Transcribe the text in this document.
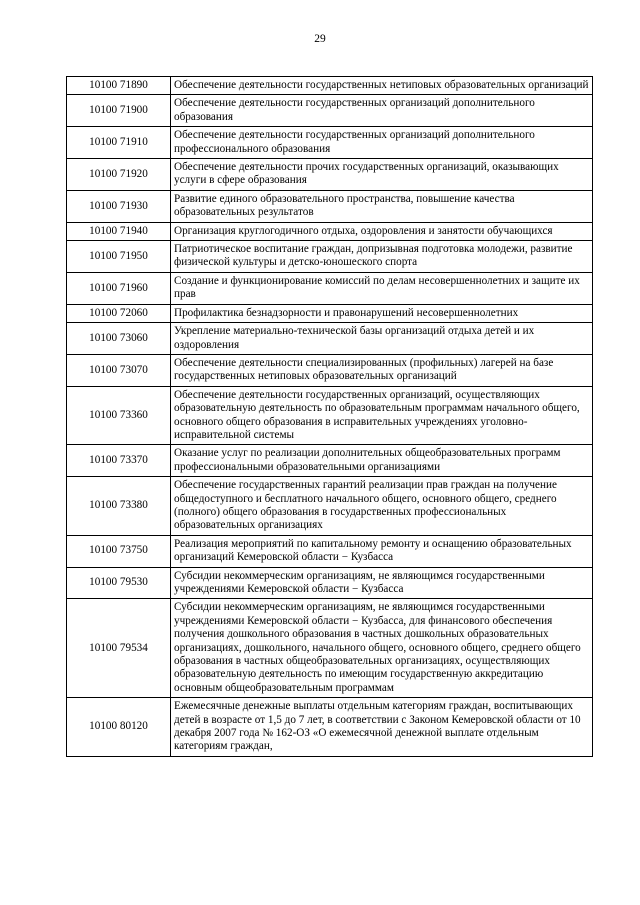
29
10100 71890	Обеспечение деятельности государственных нетиповых образовательных организаций
10100 71900	Обеспечение деятельности государственных организаций дополнительного образования
10100 71910	Обеспечение деятельности государственных организаций дополнительного профессионального образования
10100 71920	Обеспечение деятельности прочих государственных организаций, оказывающих услуги в сфере образования
10100 71930	Развитие единого образовательного пространства, повышение качества образовательных результатов
10100 71940	Организация круглогодичного отдыха, оздоровления и занятости обучающихся
10100 71950	Патриотическое воспитание граждан, допризывная подготовка молодежи, развитие физической культуры и детско-юношеского спорта
10100 71960	Создание и функционирование комиссий по делам несовершеннолетних и защите их прав
10100 72060	Профилактика безнадзорности и правонарушений несовершеннолетних
10100 73060	Укрепление материально-технической базы организаций отдыха детей и их оздоровления
10100 73070	Обеспечение деятельности специализированных (профильных) лагерей на базе государственных нетиповых образовательных организаций
10100 73360	Обеспечение деятельности государственных организаций, осуществляющих образовательную деятельность по образовательным программам начального общего, основного общего образования в исправительных учреждениях уголовно-исправительной системы
10100 73370	Оказание услуг по реализации дополнительных общеобразовательных программ профессиональными образовательными организациями
10100 73380	Обеспечение государственных гарантий реализации прав граждан на получение общедоступного и бесплатного начального общего, основного общего, среднего (полного) общего образования в государственных профессиональных образовательных организациях
10100 73750	Реализация мероприятий по капитальному ремонту и оснащению образовательных организаций Кемеровской области − Кузбасса
10100 79530	Субсидии некоммерческим организациям, не являющимся государственными учреждениями Кемеровской области − Кузбасса
10100 79534	Субсидии некоммерческим организациям, не являющимся государственными учреждениями Кемеровской области − Кузбасса, для финансового обеспечения получения дошкольного образования в частных дошкольных образовательных организациях, дошкольного, начального общего, основного общего, среднего общего образования в частных общеобразовательных организациях, осуществляющих образовательную деятельность по имеющим государственную аккредитацию основным общеобразовательным программам
10100 80120	Ежемесячные денежные выплаты отдельным категориям граждан, воспитывающих детей в возрасте от 1,5 до 7 лет, в соответствии с Законом Кемеровской области от 10 декабря 2007 года № 162-ОЗ «О ежемесячной денежной выплате отдельным категориям граждан,
